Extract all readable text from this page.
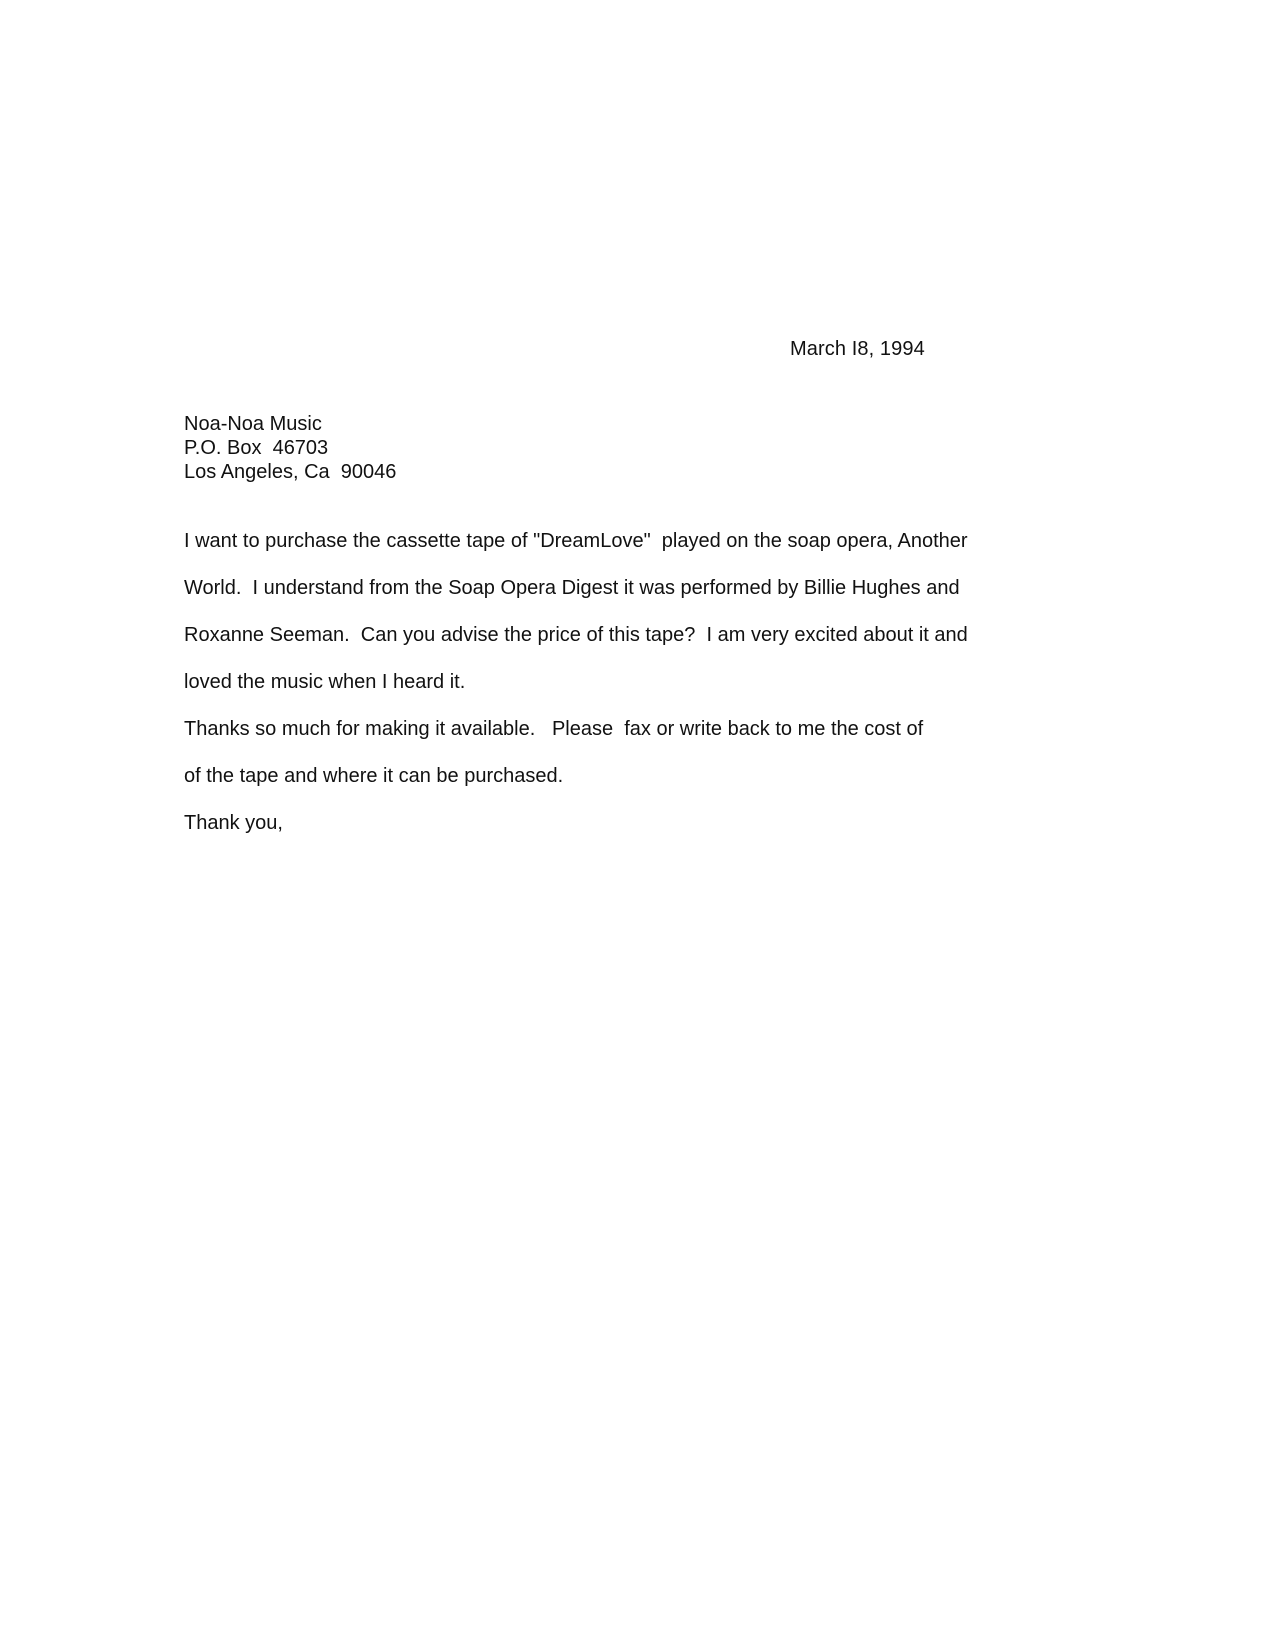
March I8, 1994
Noa-Noa Music
P.O. Box  46703
Los Angeles, Ca  90046
I want to purchase the cassette tape of "DreamLove"  played on the soap opera, Another
World.  I understand from the Soap Opera Digest it was performed by Billie Hughes and
Roxanne Seeman.  Can you advise the price of this tape?  I am very excited about it and
loved the music when I heard it.
Thanks so much for making it available.   Please  fax or write back to me the cost of
of the tape and where it can be purchased.
Thank you,
